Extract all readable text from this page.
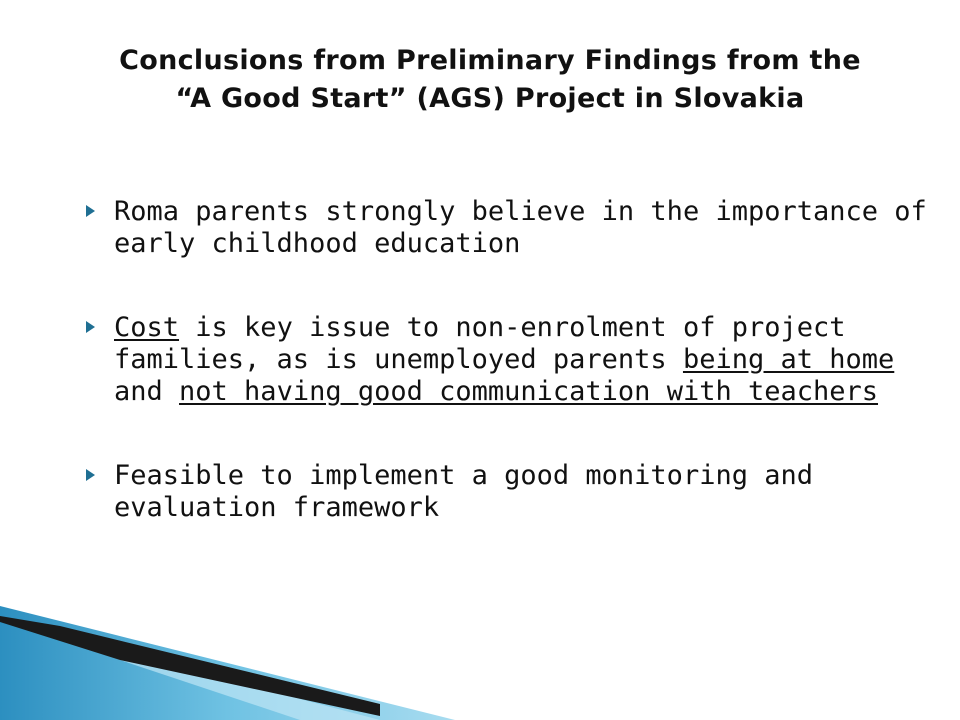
Conclusions from Preliminary Findings from the
“A Good Start” (AGS) Project in Slovakia
Roma parents strongly believe in the importance of early childhood education
Cost is key issue to non-enrolment of project families, as is unemployed parents being at home and not having good communication with teachers
Feasible to implement a good monitoring and evaluation framework
